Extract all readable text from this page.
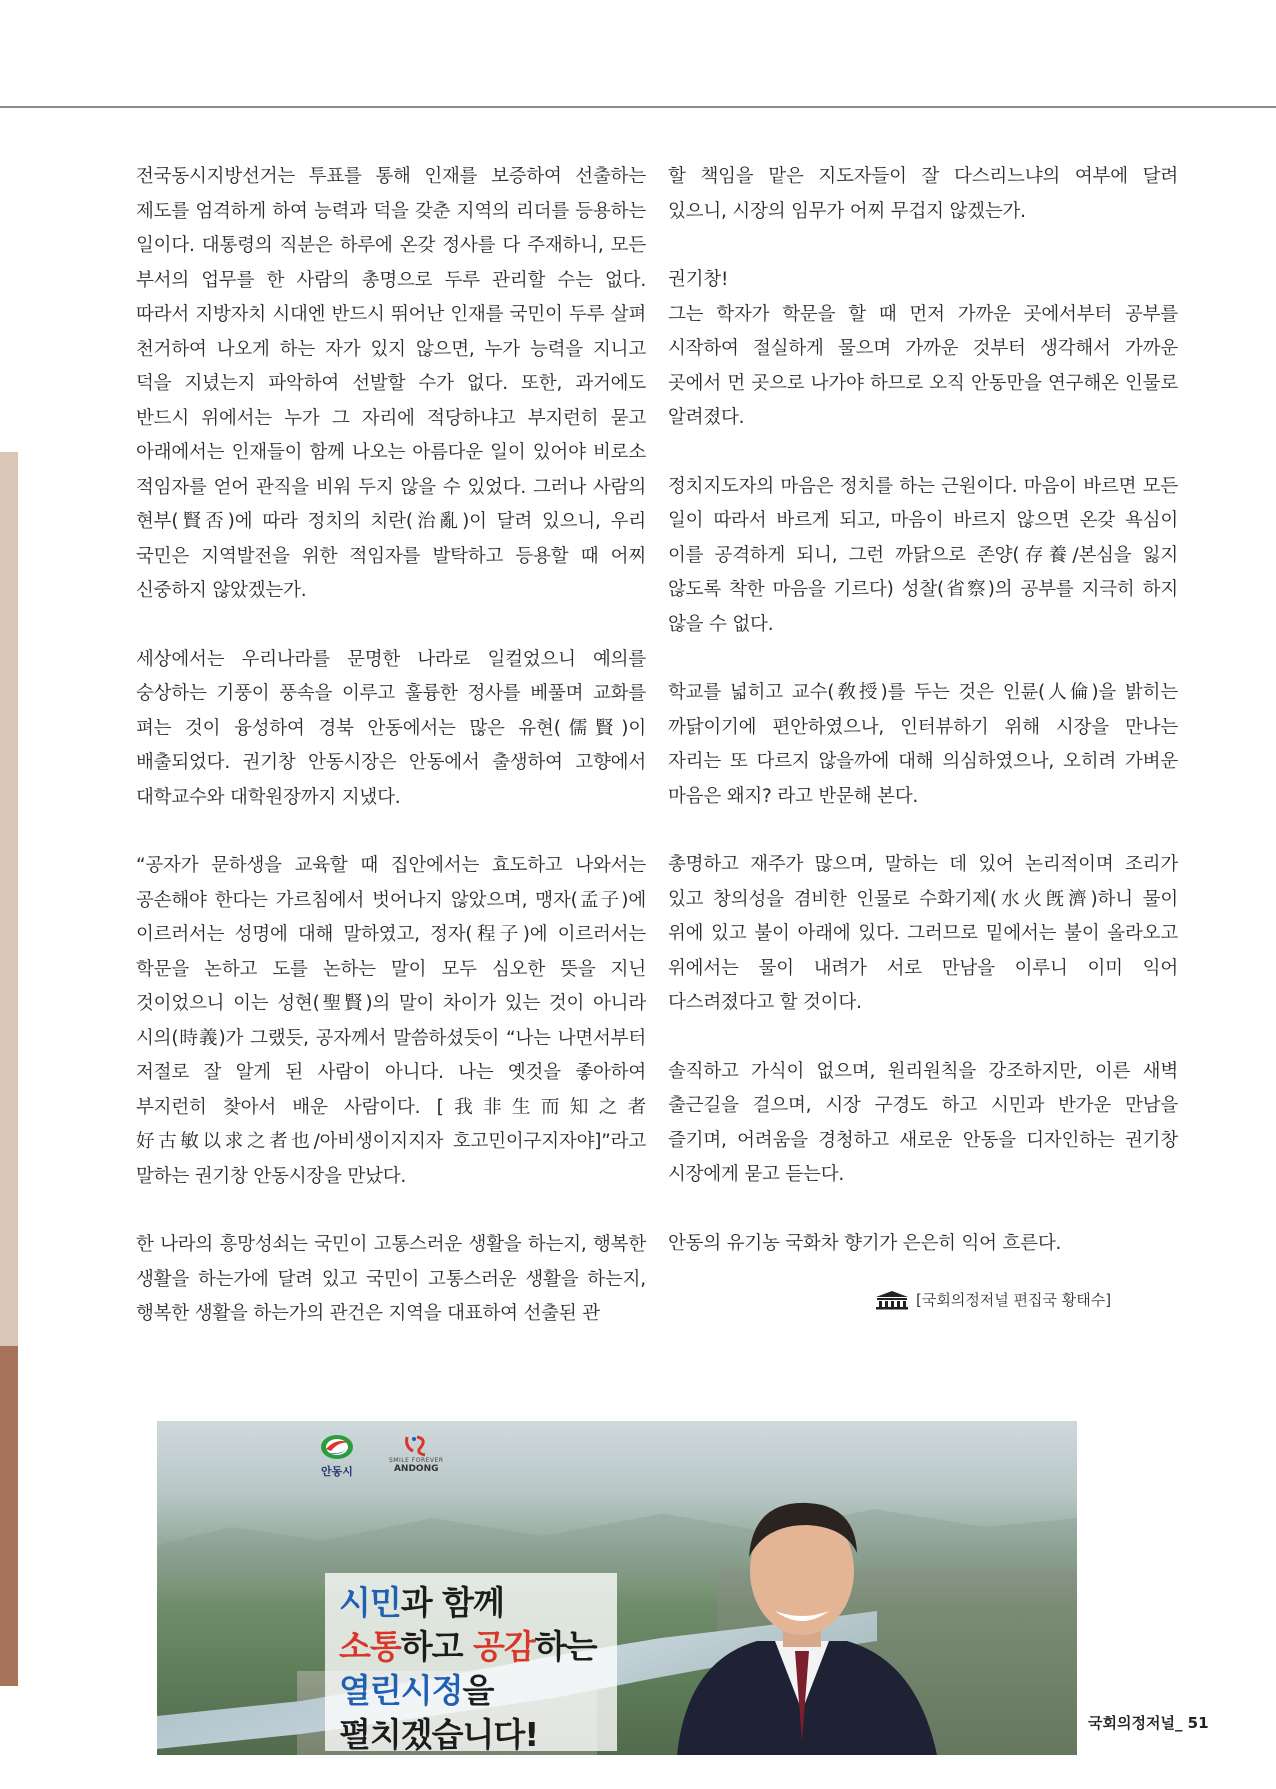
전국동시지방선거는 투표를 통해 인재를 보증하여 선출하는 제도를 엄격하게 하여 능력과 덕을 갖춘 지역의 리더를 등용하는 일이다. 대통령의 직분은 하루에 온갖 정사를 다 주재하니, 모든 부서의 업무를 한 사람의 총명으로 두루 관리할 수는 없다. 따라서 지방자치 시대엔 반드시 뛰어난 인재를 국민이 두루 살펴 천거하여 나오게 하는 자가 있지 않으면, 누가 능력을 지니고 덕을 지녔는지 파악하여 선발할 수가 없다. 또한, 과거에도 반드시 위에서는 누가 그 자리에 적당하냐고 부지런히 묻고 아래에서는 인재들이 함께 나오는 아름다운 일이 있어야 비로소 적임자를 얻어 관직을 비워 두지 않을 수 있었다. 그러나 사람의 현부(賢否)에 따라 정치의 치란(治亂)이 달려 있으니, 우리 국민은 지역발전을 위한 적임자를 발탁하고 등용할 때 어찌 신중하지 않았겠는가.

세상에서는 우리나라를 문명한 나라로 일컬었으니 예의를 숭상하는 기풍이 풍속을 이루고 훌륭한 정사를 베풀며 교화를 펴는 것이 융성하여 경북 안동에서는 많은 유현(儒賢)이 배출되었다. 권기창 안동시장은 안동에서 출생하여 고향에서 대학교수와 대학원장까지 지냈다.

“공자가 문하생을 교육할 때 집안에서는 효도하고 나와서는 공손해야 한다는 가르침에서 벗어나지 않았으며, 맹자(孟子)에 이르러서는 성명에 대해 말하였고, 정자(程子)에 이르러서는 학문을 논하고 도를 논하는 말이 모두 심오한 뜻을 지닌 것이었으니 이는 성현(聖賢)의 말이 차이가 있는 것이 아니라 시의(時義)가 그랬듯, 공자께서 말씀하셨듯이 “나는 나면서부터 저절로 잘 알게 된 사람이 아니다. 나는 옛것을 좋아하여 부지런히 찾아서 배운 사람이다. [我非生而知之者 好古敏以求之者也/아비생이지지자 호고민이구지자야]”라고 말하는 권기창 안동시장을 만났다.

한 나라의 흥망성쇠는 국민이 고통스러운 생활을 하는지, 행복한 생활을 하는가에 달려 있고 국민이 고통스러운 생활을 하는지, 행복한 생활을 하는가의 관건은 지역을 대표하여 선출된 관

할 책임을 맡은 지도자들이 잘 다스리느냐의 여부에 달려 있으니, 시장의 임무가 어찌 무겁지 않겠는가.

권기창!

그는 학자가 학문을 할 때 먼저 가까운 곳에서부터 공부를 시작하여 절실하게 물으며 가까운 것부터 생각해서 가까운 곳에서 먼 곳으로 나가야 하므로 오직 안동만을 연구해온 인물로 알려졌다.

정치지도자의 마음은 정치를 하는 근원이다. 마음이 바르면 모든 일이 따라서 바르게 되고, 마음이 바르지 않으면 온갖 욕심이 이를 공격하게 되니, 그런 까닭으로 존양(存養/본심을 잃지 않도록 착한 마음을 기르다) 성찰(省察)의 공부를 지극히 하지 않을 수 없다.

학교를 넓히고 교수(敎授)를 두는 것은 인륜(人倫)을 밝히는 까닭이기에 편안하였으나, 인터뷰하기 위해 시장을 만나는 자리는 또 다르지 않을까에 대해 의심하였으나, 오히려 가벼운 마음은 왜지? 라고 반문해 본다.

총명하고 재주가 많으며, 말하는 데 있어 논리적이며 조리가 있고 창의성을 겸비한 인물로 수화기제(水火旣濟)하니 물이 위에 있고 불이 아래에 있다. 그러므로 밑에서는 불이 올라오고 위에서는 물이 내려가 서로 만남을 이루니 이미 익어 다스려졌다고 할 것이다.

솔직하고 가식이 없으며, 원리원칙을 강조하지만, 이른 새벽 출근길을 걸으며, 시장 구경도 하고 시민과 반가운 만남을 즐기며, 어려움을 경청하고 새로운 안동을 디자인하는 권기창 시장에게 묻고 듣는다.

안동의 유기농 국화차 향기가 은은히 익어 흐른다.

[국회의정저널 편집국 황태수]
안동시
SMILE FOREVER
ANDONG
시민과 함께
소통하고 공감하는
열린시정을
펼치겠습니다!	국회의정저널_ 51
